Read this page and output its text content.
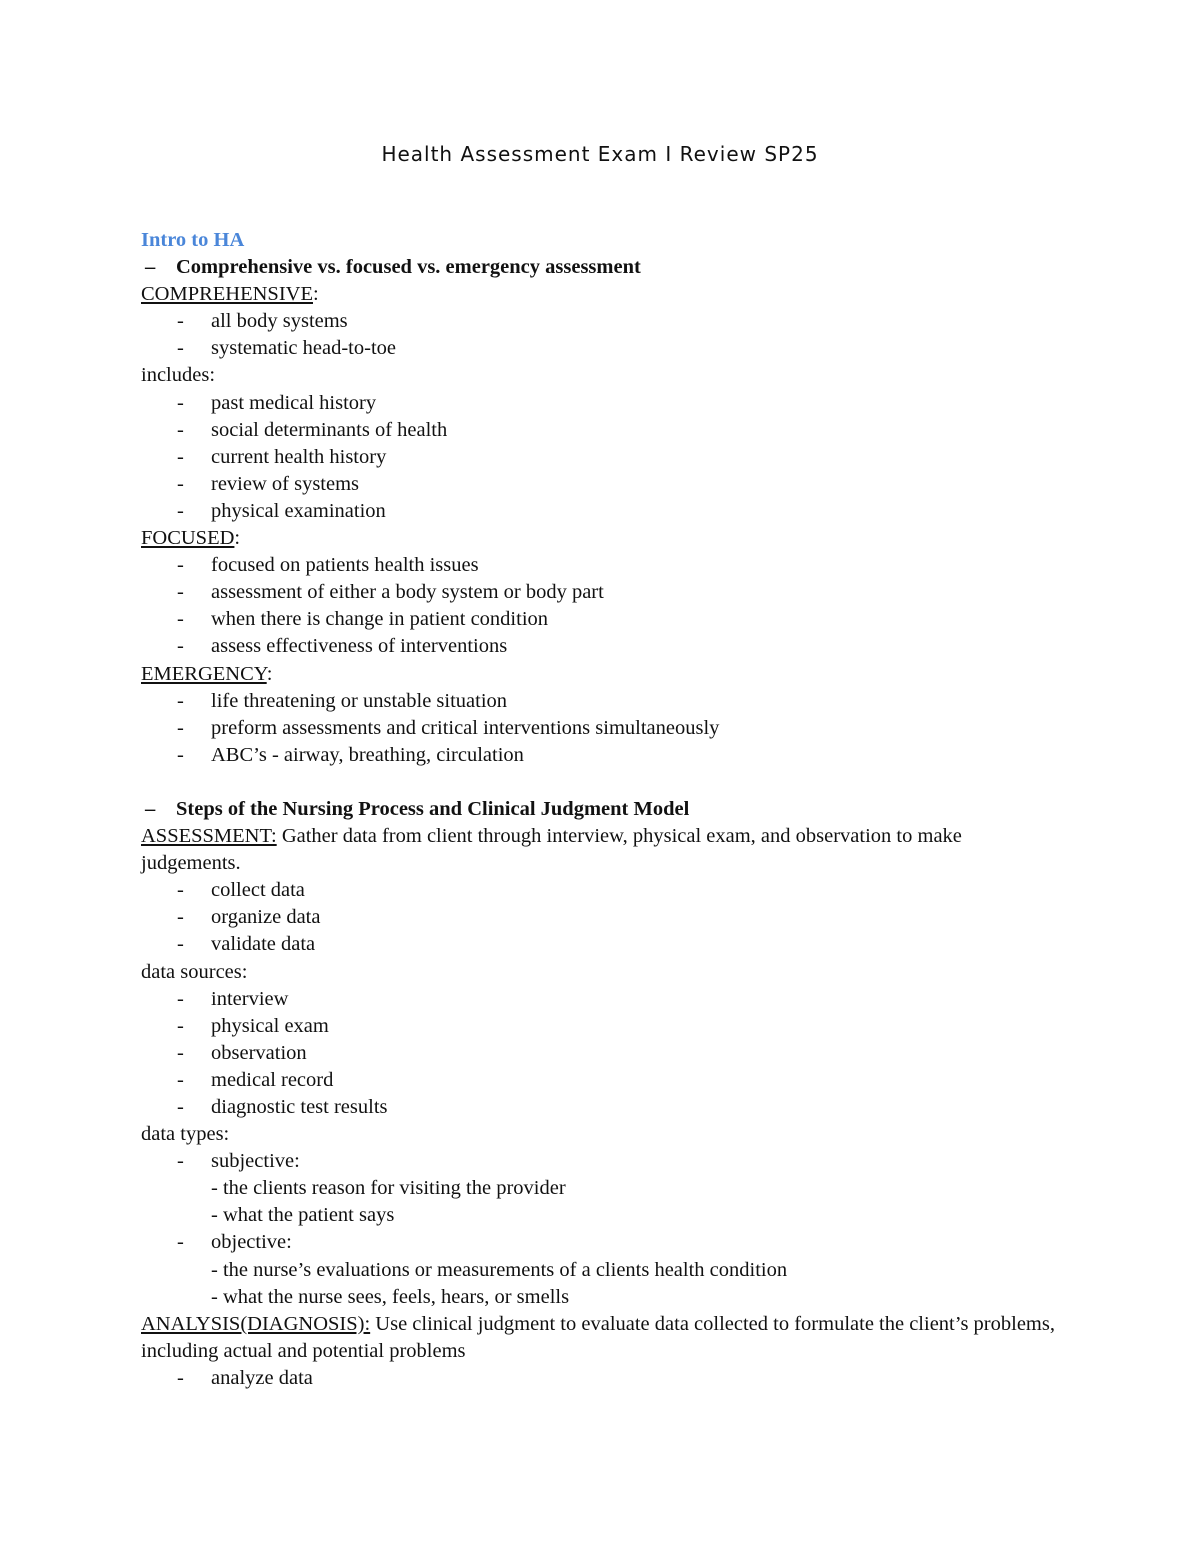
Health Assessment Exam I Review SP25
Intro to HA
– Comprehensive vs. focused vs. emergency assessment
COMPREHENSIVE:
- all body systems
- systematic head-to-toe
includes:
- past medical history
- social determinants of health
- current health history
- review of systems
- physical examination
FOCUSED:
- focused on patients health issues
- assessment of either a body system or body part
- when there is change in patient condition
- assess effectiveness of interventions
EMERGENCY:
- life threatening or unstable situation
- preform assessments and critical interventions simultaneously
- ABC’s - airway, breathing, circulation
– Steps of the Nursing Process and Clinical Judgment Model
ASSESSMENT: Gather data from client through interview, physical exam, and observation to make judgements.
- collect data
- organize data
- validate data
data sources:
- interview
- physical exam
- observation
- medical record
- diagnostic test results
data types:
- subjective:
- the clients reason for visiting the provider
- what the patient says
- objective:
- the nurse’s evaluations or measurements of a clients health condition
- what the nurse sees, feels, hears, or smells
ANALYSIS(DIAGNOSIS): Use clinical judgment to evaluate data collected to formulate the client’s problems, including actual and potential problems
- analyze data
